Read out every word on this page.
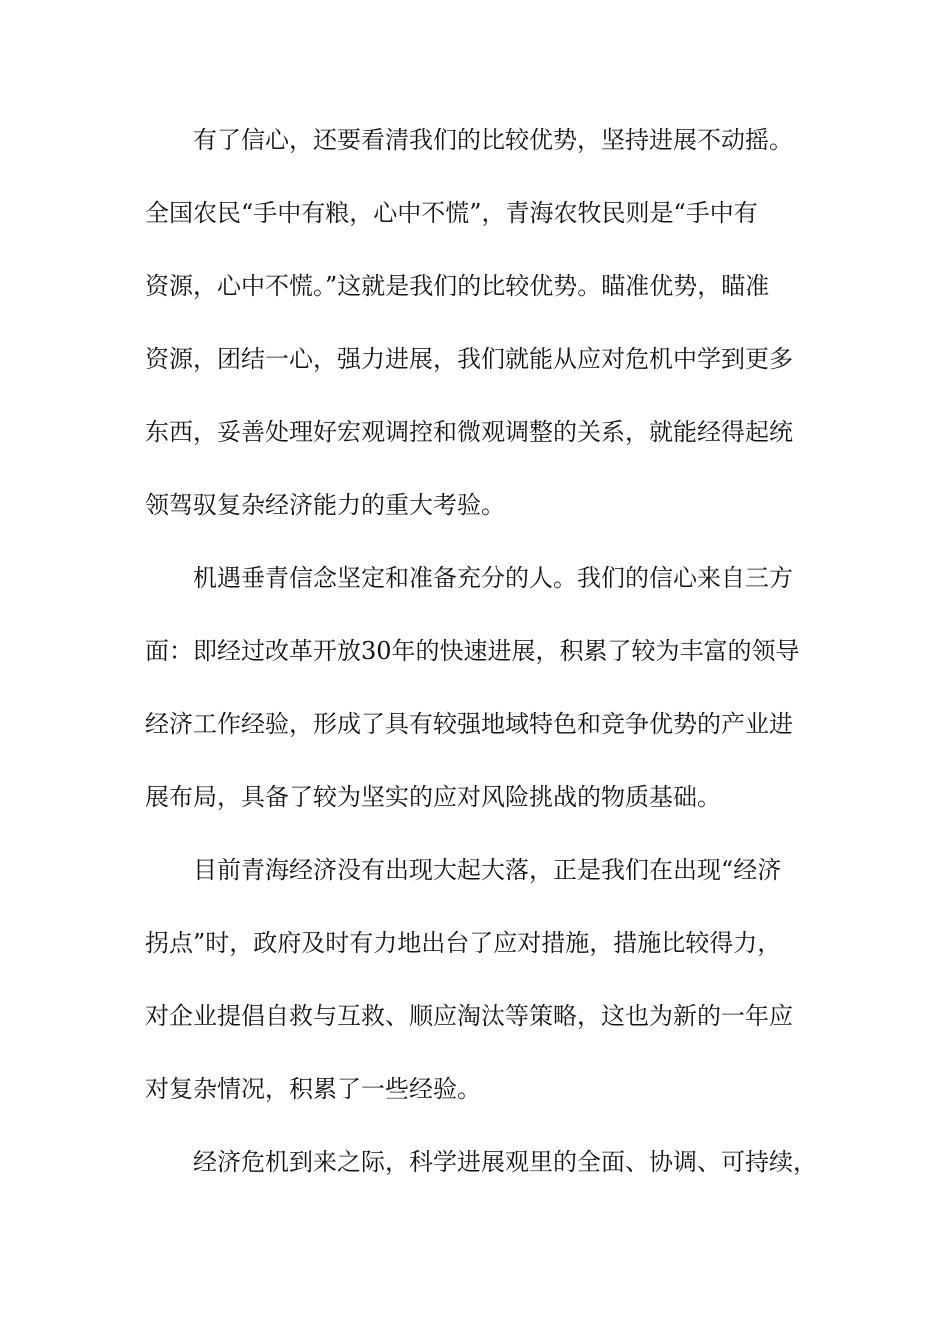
有了信心，还要看清我们的比较优势，坚持进展不动摇。
全国农民“手中有粮，心中不慌”，青海农牧民则是“手中有
资源，心中不慌。”这就是我们的比较优势。瞄准优势，瞄准
资源，团结一心，强力进展，我们就能从应对危机中学到更多
东西，妥善处理好宏观调控和微观调整的关系，就能经得起统
领驾驭复杂经济能力的重大考验。
机遇垂青信念坚定和准备充分的人。我们的信心来自三方
面：即经过改革开放30年的快速进展，积累了较为丰富的领导
经济工作经验，形成了具有较强地域特色和竞争优势的产业进
展布局，具备了较为坚实的应对风险挑战的物质基础。
目前青海经济没有出现大起大落，正是我们在出现“经济
拐点”时，政府及时有力地出台了应对措施，措施比较得力，
对企业提倡自救与互救、顺应淘汰等策略，这也为新的一年应
对复杂情况，积累了一些经验。
经济危机到来之际，科学进展观里的全面、协调、可持续，
